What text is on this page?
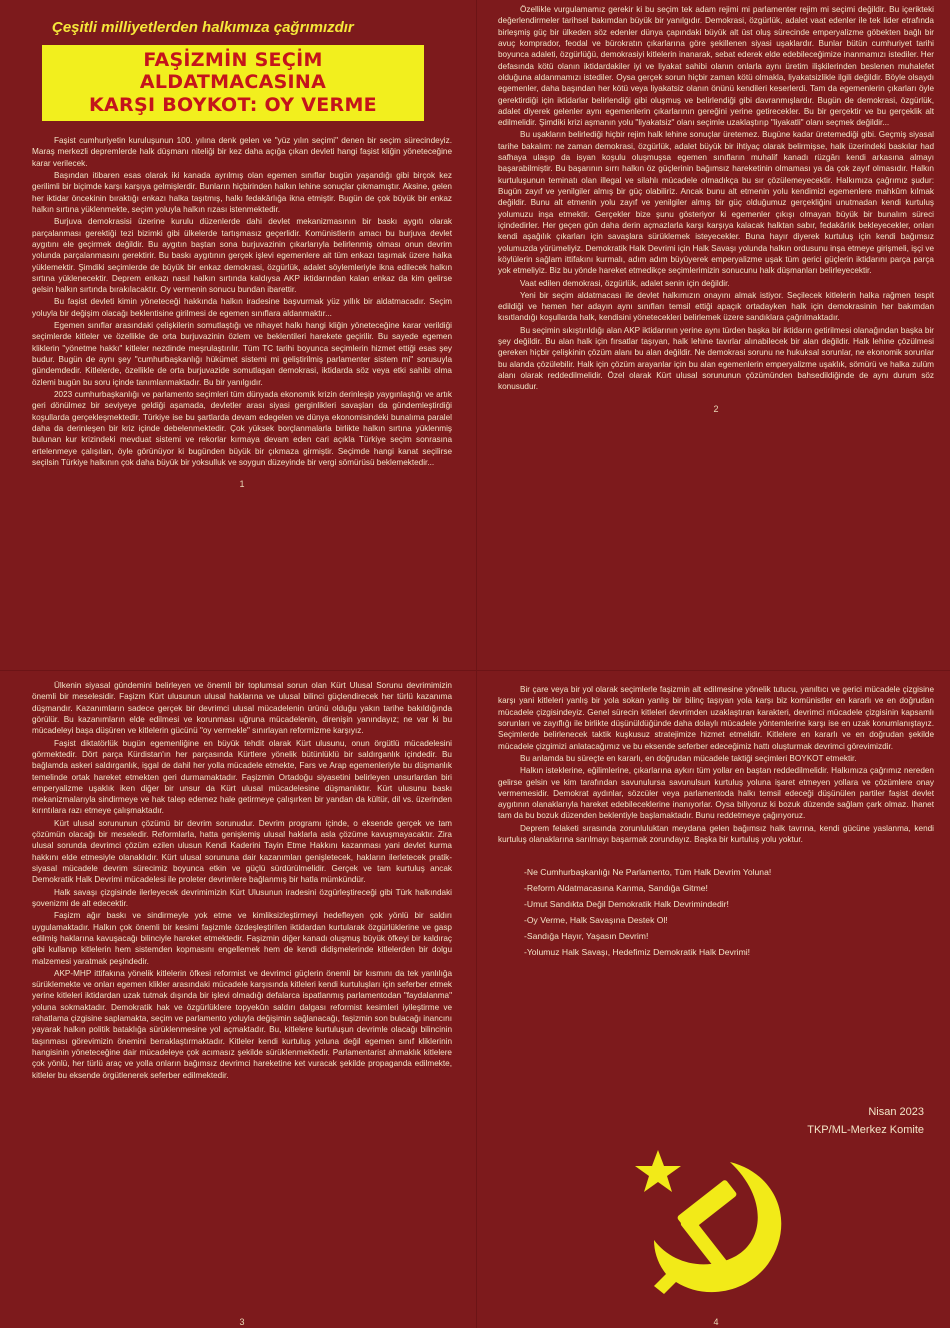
Çeşitli milliyetlerden halkımıza çağrımızdır
FAŞİZMİN SEÇİM ALDATMACASINA
KARŞI BOYKOT: OY VERME

Faşist cumhuriyetin kuruluşunun 100. yılına denk gelen ve "yüz yılın seçimi" denen bir seçim sürecindeyiz. Maraş merkezli depremlerde halk düşmanı niteliği bir kez daha açığa çıkan devleti hangi faşist kliğin yöneteceğine karar verilecek.

Başından itibaren esas olarak iki kanada ayrılmış olan egemen sınıflar bugün yaşandığı gibi birçok kez gerilimli bir biçimde karşı karşıya gelmişlerdir. Bunların hiçbirinden halkın lehine sonuçlar çıkmamıştır. Aksine, gelen her iktidar öncekinin bıraktığı enkazı halka taşıtmış, halkı fedakârlığa ikna etmiştir. Bugün de çok büyük bir enkaz halkın sırtına yüklenmekte, seçim yoluyla halkın rızası istenmektedir.

Burjuva demokrasisi üzerine kurulu düzenlerde dahi devlet mekanizmasının bir baskı aygıtı olarak parçalanması gerektiği tezi bizimki gibi ülkelerde tartışmasız geçerlidir. Komünistlerin amacı bu burjuva devlet aygıtını ele geçirmek değildir. Bu aygıtın baştan sona burjuvazinin çıkarlarıyla belirlenmiş olması onun devrim yolunda parçalanmasını gerektirir. Bu baskı aygıtının gerçek işlevi egemenlere ait tüm enkazı taşımak üzere halka yüklemektir. Şimdiki seçimlerde de büyük bir enkaz demokrasi, özgürlük, adalet söylemleriyle ikna edilecek halkın sırtına yüklenecektir. Deprem enkazı nasıl halkın sırtında kaldıysa AKP iktidarından kalan enkaz da kim gelirse gelsin halkın sırtında bırakılacaktır. Oy vermenin sonucu bundan ibarettir.

Bu faşist devleti kimin yöneteceği hakkında halkın iradesine başvurmak yüz yıllık bir aldatmacadır. Seçim yoluyla bir değişim olacağı beklentisine girilmesi de egemen sınıflara aldanmaktır...

Egemen sınıflar arasındaki çelişkilerin somutlaştığı ve nihayet halkı hangi kliğin yöneteceğine karar verildiği seçimlerde kitleler ve özellikle de orta burjuvazinin özlem ve beklentileri harekete geçirilir. Bu sayede egemen kliklerin "yönetme hakkı" kitleler nezdinde meşrulaştırılır. Tüm TC tarihi boyunca seçimlerin hizmet ettiği esas şey budur. Bugün de aynı şey "cumhurbaşkanlığı hükümet sistemi mi geliştirilmiş parlamenter sistem mi" sorusuyla gündemdedir. Kitlelerde, özellikle de orta burjuvazide somutlaşan demokrasi, iktidarda söz veya etki sahibi olma özlemi bugün bu soru içinde tanımlanmaktadır. Bu bir yanılgıdır.

2023 cumhurbaşkanlığı ve parlamento seçimleri tüm dünyada ekonomik krizin derinleşip yaygınlaştığı ve artık geri dönülmez bir seviyeye geldiği aşamada, devletler arası siyasi gerginlikleri savaşları da gündemleştirdiği koşullarda gerçekleşmektedir. Türkiye ise bu şartlarda devam edegelen ve dünya ekonomisindeki bunalıma paralel daha da derinleşen bir kriz içinde debelenmektedir. Çok yüksek borçlanmalarla birlikte halkın sırtına yüklenmiş bulunan kur krizindeki mevduat sistemi ve rekorlar kırmaya devam eden cari açıkla Türkiye seçim sonrasına ertelenmeye çalışılan, öyle görünüyor ki bugünden büyük bir çıkmaza girmiştir. Seçimde hangi kanat seçilirse seçilsin Türkiye halkının çok daha büyük bir yoksulluk ve soygun düzeyinde bir vergi sömürüsü beklemektedir...

1

Özellikle vurgulamamız gerekir ki bu seçim tek adam rejimi mi parlamenter rejim mi seçimi değildir. Bu içerikteki değerlendirmeler tarihsel bakımdan büyük bir yanılgıdır. Demokrasi, özgürlük, adalet vaat edenler ile tek lider etrafında birleşmiş güç bir ülkeden söz edenler dünya çapındaki büyük alt üst oluş sürecinde emperyalizme göbekten bağlı bir avuç komprador, feodal ve bürokratın çıkarlarına göre şekillenen siyasi uşaklardır. Bunlar bütün cumhuriyet tarihi boyunca adaleti, özgürlüğü, demokrasiyi kitlelerin inanarak, sebat ederek elde edebileceğimize inanmamızı istediler. Her defasında kötü olanın iktidardakiler iyi ve liyakat sahibi olanın onlarla aynı üretim ilişkilerinden beslenen muhalefet olduğuna aldanmamızı istediler. Oysa gerçek sorun hiçbir zaman kötü olmakla, liyakatsizlikle ilgili değildir. Böyle olsaydı egemenler, daha başından her kötü veya liyakatsiz olanın önünü kendileri keserlerdi. Tam da egemenlerin çıkarları öyle gerektirdiği için iktidarlar belirlendiği gibi oluşmuş ve belirlendiği gibi davranmışlardır. Bugün de demokrasi, özgürlük, adalet diyerek gelenler aynı egemenlerin çıkarlarının gereğini yerine getirecekler. Bu bir gerçektir ve bu gerçeklik alt edilmelidir. Şimdiki krizi aşmanın yolu "liyakatsiz" olanı seçimle uzaklaştırıp "liyakatli" olanı seçmek değildir...

Bu uşakların belirlediği hiçbir rejim halk lehine sonuçlar üretemez. Bugüne kadar üretemediği gibi. Geçmiş siyasal tarihe bakalım: ne zaman demokrasi, özgürlük, adalet büyük bir ihtiyaç olarak belirmişse, halk üzerindeki baskılar had safhaya ulaşıp da isyan koşulu oluşmuşsa egemen sınıfların muhalif kanadı rüzgârı kendi arkasına almayı başarabilmiştir. Bu başarının sırrı halkın öz güçlerinin bağımsız hareketinin olmaması ya da çok zayıf olmasıdır. Halkın kurtuluşunun teminatı olan illegal ve silahlı mücadele olmadıkça bu sır çözülemeyecektir. Halkımıza çağrımız şudur: Bugün zayıf ve yenilgiler almış bir güç olabiliriz. Ancak bunu alt etmenin yolu kendimizi egemenlere mahkûm kılmak değildir. Bunu alt etmenin yolu zayıf ve yenilgiler almış bir güç olduğumuz gerçekliğini unutmadan kendi kurtuluş yolumuzu inşa etmektir. Gerçekler bize şunu gösteriyor ki egemenler çıkışı olmayan büyük bir bunalım süreci içindedirler. Her geçen gün daha derin açmazlarla karşı karşıya kalacak halktan sabır, fedakârlık bekleyecekler, onları kendi aşağılık çıkarları için savaşlara sürüklemek isteyecekler. Buna hayır diyerek kurtuluş için kendi bağımsız yolumuzda yürümeliyiz. Demokratik Halk Devrimi için Halk Savaşı yolunda halkın ordusunu inşa etmeye girişmeli, işçi ve köylülerin sağlam ittifakını kurmalı, adım adım büyüyerek emperyalizme uşak tüm gerici güçlerin iktidarını parça parça yok etmeliyiz. Biz bu yönde hareket etmedikçe seçimlerimizin sonucunu halk düşmanları belirleyecektir.

Vaat edilen demokrasi, özgürlük, adalet senin için değildir.

Yeni bir seçim aldatmacası ile devlet halkımızın onayını almak istiyor. Seçilecek kitlelerin halka rağmen tespit edildiği ve hemen her adayın aynı sınıfları temsil ettiği apaçık ortadayken halk için demokrasinin her bakımdan kısıtlandığı koşullarda halk, kendisini yönetecekleri belirlemek üzere sandıklara çağrılmaktadır.

Bu seçimin sıkıştırıldığı alan AKP iktidarının yerine aynı türden başka bir iktidarın getirilmesi olanağından başka bir şey değildir. Bu alan halk için fırsatlar taşıyan, halk lehine tavırlar alınabilecek bir alan değildir. Halk lehine çözülmesi gereken hiçbir çelişkinin çözüm alanı bu alan değildir. Ne demokrasi sorunu ne hukuksal sorunlar, ne ekonomik sorunlar bu alanda çözülebilir. Halk için çözüm arayanlar için bu alan egemenlerin emperyalizme uşaklık, sömürü ve halka zulüm alanı olarak reddedilmelidir. Özel olarak Kürt ulusal sorununun çözümünden bahsedildiğinde de aynı durum söz konusudur.

2

Ülkenin siyasal gündemini belirleyen ve önemli bir toplumsal sorun olan Kürt Ulusal Sorunu devrimimizin önemli bir meselesidir. Faşizm Kürt ulusunun ulusal haklarına ve ulusal bilinci güçlendirecek her türlü kazanıma düşmandır. Kazanımların sadece gerçek bir devrimci ulusal mücadelenin ürünü olduğu yakın tarihe bakıldığında görülür. Bu kazanımların elde edilmesi ve korunması uğruna mücadelenin, direnişin yanındayız; ne var ki bu mücadeleyi başa düşüren ve kitlelerin gücünü "oy vermekle" sınırlayan reformizme karşıyız.

Faşist diktatörlük bugün egemenliğine en büyük tehdit olarak Kürt ulusunu, onun örgütlü mücadelesini görmektedir. Dört parça Kürdistan'ın her parçasında Kürtlere yönelik bütünlüklü bir saldırganlık içindedir. Bu bağlamda askeri saldırganlık, işgal de dahil her yolla mücadele etmekte, Fars ve Arap egemenleriyle bu düşmanlık temelinde ortak hareket etmekten geri durmamaktadır. Faşizmin Ortadoğu siyasetini belirleyen unsurlardan biri emperyalizme uşaklık iken diğer bir unsur da Kürt ulusal mücadelesine düşmanlıktır. Kürt ulusunu baskı mekanizmalarıyla sindirmeye ve hak talep edemez hale getirmeye çalışırken bir yandan da kültür, dil vs. üzerinden kırıntılara razı etmeye çalışmaktadır.

Kürt ulusal sorununun çözümü bir devrim sorunudur. Devrim programı içinde, o eksende gerçek ve tam çözümün olacağı bir meseledir. Reformlarla, hatta genişlemiş ulusal haklarla asla çözüme kavuşmayacaktır. Zira ulusal sorunda devrimci çözüm ezilen ulusun Kendi Kaderini Tayin Etme Hakkını kazanması yani devlet kurma hakkını elde etmesiyle olanaklıdır. Kürt ulusal sorununa dair kazanımları genişletecek, hakların ilerletecek pratik-siyasal mücadele devrim sürecimiz boyunca etkin ve güçlü sürdürülmelidir. Gerçek ve tam kurtuluş ancak Demokratik Halk Devrimi mücadelesi ile proleter devrimlere bağlanmış bir hatla mümkündür.

Halk savaşı çizgisinde ilerleyecek devrimimizin Kürt Ulusunun iradesini özgürleştireceği gibi Türk halkındaki şovenizmi de alt edecektir.

Faşizm ağır baskı ve sindirmeyle yok etme ve kimliksizleştirmeyi hedefleyen çok yönlü bir saldırı uygulamaktadır. Halkın çok önemli bir kesimi faşizmle özdeşleştirilen iktidardan kurtularak özgürlüklerine ve gasp edilmiş haklarına kavuşacağı bilinciyle hareket etmektedir. Faşizmin diğer kanadı oluşmuş büyük öfkeyi bir kaldıraç gibi kullanıp kitlelerin hem sistemden kopmasını engellemek hem de kendi didişmelerinde kitlelerden bir dolgu malzemesi yaratmak peşindedir.

AKP-MHP ittifakına yönelik kitlelerin öfkesi reformist ve devrimci güçlerin önemli bir kısmını da tek yanlılığa sürüklemekte ve onları egemen klikler arasındaki mücadele karşısında kitleleri kendi kurtuluşları için seferber etmek yerine kitleleri iktidardan uzak tutmak dışında bir işlevi olmadığı defalarca ispatlanmış parlamentodan "faydalanma" yoluna sokmaktadır. Demokratik hak ve özgürlüklere topyekûn saldırı dalgası reformist kesimleri iyileştirme ve rahatlama çizgisine saplamakta, seçim ve parlamento yoluyla değişimin sağlanacağı, faşizmin son bulacağı inancını yayarak halkın politik bataklığa sürüklenmesine yol açmaktadır. Bu, kitlelere kurtuluşun devrimle olacağı bilincinin taşınması görevimizin önemini berraklaştırmaktadır. Kitleler kendi kurtuluş yoluna değil egemen sınıf kliklerinin hangisinin yöneteceğine dair mücadeleye çok acımasız şekilde sürüklenmektedir. Parlamentarist ahmaklık kitlelere çok yönlü, her türlü araç ve yolla onların bağımsız devrimci hareketine ket vuracak şekilde propaganda edilmekte, kitleler bu eksende örgütlenerek seferber edilmektedir.

3

Bir çare veya bir yol olarak seçimlerle faşizmin alt edilmesine yönelik tutucu, yanıltıcı ve gerici mücadele çizgisine karşı yani kitleleri yanlış bir yola sokan yanlış bir bilinç taşıyan yola karşı biz komünistler en kararlı ve en doğrudan mücadele çizgisindeyiz. Genel sürecin kitleleri devrimden uzaklaştıran karakteri, devrimci mücadele çizgisinin kapsamlı sorunları ve zayıflığı ile birlikte düşünüldüğünde daha dolaylı mücadele yöntemlerine karşı ise en uzak konumlanıştayız. Seçimlerde belirlenecek taktik kuşkusuz stratejimize hizmet etmelidir. Kitlelere en kararlı ve en doğrudan şekilde mücadele çizgimizi anlatacağımız ve bu eksende seferber edeceğimiz hattı oluşturmak devrimci görevimizdir.

Bu anlamda bu süreçte en kararlı, en doğrudan mücadele taktiği seçimleri BOYKOT etmektir.

Halkın isteklerine, eğilimlerine, çıkarlarına aykırı tüm yollar en baştan reddedilmelidir. Halkımıza çağrımız nereden gelirse gelsin ve kim tarafından savunulursa savunulsun kurtuluş yoluna işaret etmeyen yollara ve çözümlere onay vermemesidir. Demokrat aydınlar, sözcüler veya parlamentoda halkı temsil edeceği düşünülen partiler faşist devlet aygıtının olanaklarıyla hareket edebileceklerine inanıyorlar. Oysa biliyoruz ki bozuk düzende sağlam çark olmaz. İhanet tam da bu bozuk düzenden beklentiyle başlamaktadır. Bunu reddetmeye çağırıyoruz.

Deprem felaketi sırasında zorunluluktan meydana gelen bağımsız halk tavrına, kendi gücüne yaslanma, kendi kurtuluş olanaklarına sarılmayı başarmak zorundayız. Başka bir kurtuluş yolu yoktur.

-Ne Cumhurbaşkanlığı Ne Parlamento, Tüm Halk Devrim Yoluna!
-Reform Aldatmacasına Kanma, Sandığa Gitme!
-Umut Sandıkta Değil Demokratik Halk Devrimindedir!
-Oy Verme, Halk Savaşına Destek Ol!
-Sandığa Hayır, Yaşasın Devrim!
-Yolumuz Halk Savaşı, Hedefimiz Demokratik Halk Devrimi!
Nisan 2023
TKP/ML-Merkez Komite
4
